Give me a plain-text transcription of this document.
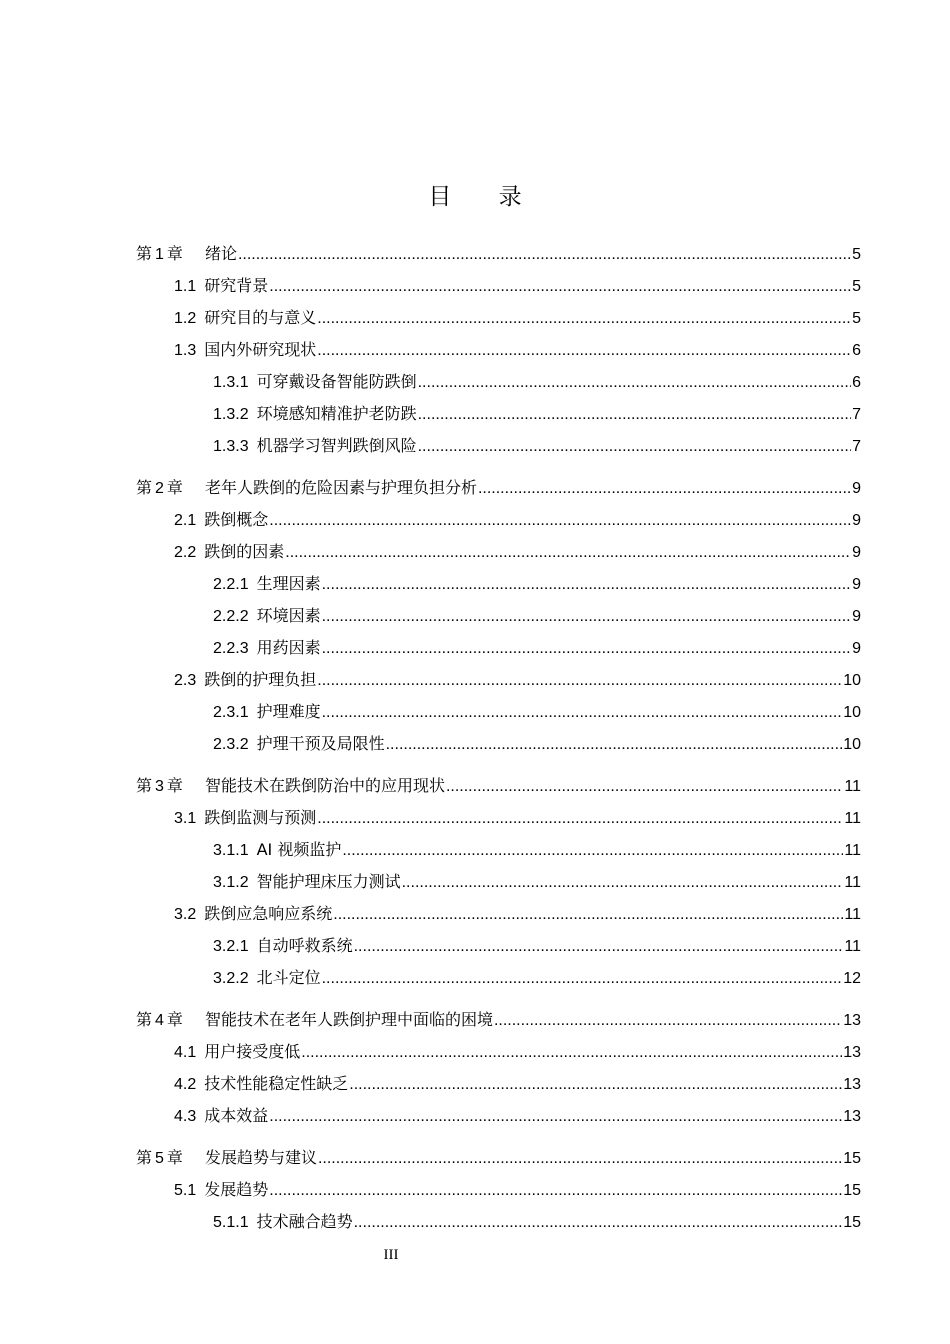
目 录
第 1 章 绪论 .....	5
1.1 研究背景 .....	5
1.2 研究目的与意义 .....	5
1.3 国内外研究现状 .....	6
1.3.1 可穿戴设备智能防跌倒 .....	6
1.3.2 环境感知精准护老防跌 .....	7
1.3.3 机器学习智判跌倒风险 .....	7
第 2 章 老年人跌倒的危险因素与护理负担分析 .....	9
2.1 跌倒概念 .....	9
2.2 跌倒的因素 .....	9
2.2.1 生理因素 .....	9
2.2.2 环境因素 .....	9
2.2.3 用药因素 .....	9
2.3 跌倒的护理负担 .....	10
2.3.1 护理难度 .....	10
2.3.2 护理干预及局限性 .....	10
第 3 章 智能技术在跌倒防治中的应用现状 .....	11
3.1 跌倒监测与预测 .....	11
3.1.1 AI 视频监护 .....	11
3.1.2 智能护理床压力测试 .....	11
3.2 跌倒应急响应系统 .....	11
3.2.1 自动呼救系统 .....	11
3.2.2 北斗定位 .....	12
第 4 章 智能技术在老年人跌倒护理中面临的困境 .....	13
4.1 用户接受度低 .....	13
4.2 技术性能稳定性缺乏 .....	13
4.3 成本效益 .....	13
第 5 章 发展趋势与建议 .....	15
5.1 发展趋势 .....	15
5.1.1 技术融合趋势 .....	15
III
